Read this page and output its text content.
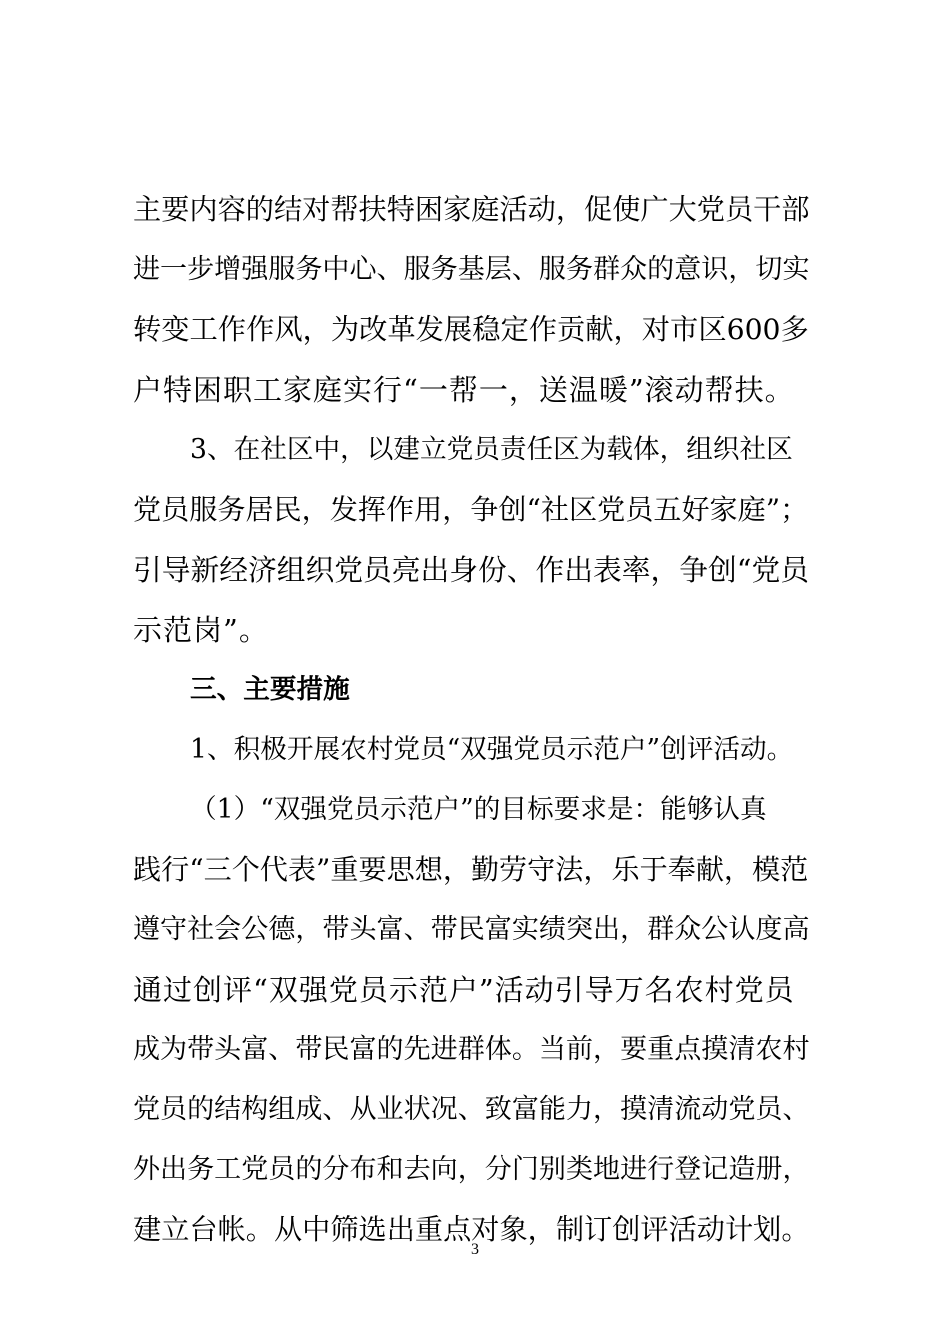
主要内容的结对帮扶特困家庭活动，促使广大党员干部
进一步增强服务中心、服务基层、服务群众的意识，切实
转变工作作风，为改革发展稳定作贡献，对市区600多
户特困职工家庭实行“一帮一，送温暖”滚动帮扶。
3、在社区中，以建立党员责任区为载体，组织社区
党员服务居民，发挥作用，争创“社区党员五好家庭”；
引导新经济组织党员亮出身份、作出表率，争创“党员
示范岗”。
三、主要措施
1、积极开展农村党员“双强党员示范户”创评活动。
（1）“双强党员示范户”的目标要求是：能够认真
践行“三个代表”重要思想，勤劳守法，乐于奉献，模范
遵守社会公德，带头富、带民富实绩突出，群众公认度高
通过创评“双强党员示范户”活动引导万名农村党员
成为带头富、带民富的先进群体。当前，要重点摸清农村
党员的结构组成、从业状况、致富能力，摸清流动党员、
外出务工党员的分布和去向，分门别类地进行登记造册，
建立台帐。从中筛选出重点对象，制订创评活动计划。
3
